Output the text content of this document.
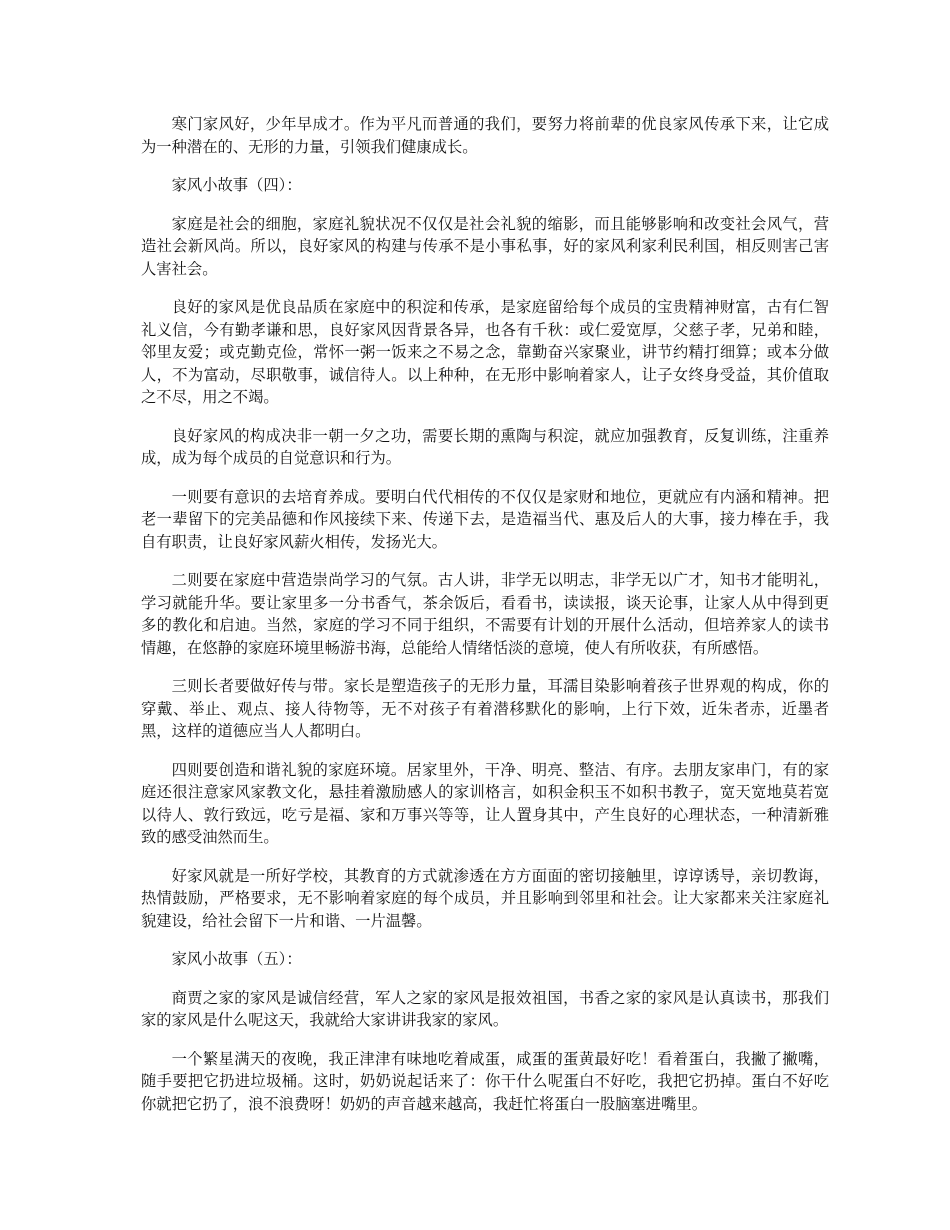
寒门家风好，少年早成才。作为平凡而普通的我们，要努力将前辈的优良家风传承下来，让它成为一种潜在的、无形的力量，引领我们健康成长。

家风小故事（四）：

家庭是社会的细胞，家庭礼貌状况不仅仅是社会礼貌的缩影，而且能够影响和改变社会风气，营造社会新风尚。所以，良好家风的构建与传承不是小事私事，好的家风利家利民利国，相反则害己害人害社会。

良好的家风是优良品质在家庭中的积淀和传承，是家庭留给每个成员的宝贵精神财富，古有仁智礼义信，今有勤孝谦和思，良好家风因背景各异，也各有千秋：或仁爱宽厚，父慈子孝，兄弟和睦，邻里友爱；或克勤克俭，常怀一粥一饭来之不易之念，靠勤奋兴家聚业，讲节约精打细算；或本分做人，不为富动，尽职敬事，诚信待人。以上种种，在无形中影响着家人，让子女终身受益，其价值取之不尽，用之不竭。

良好家风的构成决非一朝一夕之功，需要长期的熏陶与积淀，就应加强教育，反复训练，注重养成，成为每个成员的自觉意识和行为。

一则要有意识的去培育养成。要明白代代相传的不仅仅是家财和地位，更就应有内涵和精神。把老一辈留下的完美品德和作风接续下来、传递下去，是造福当代、惠及后人的大事，接力棒在手，我自有职责，让良好家风薪火相传，发扬光大。

二则要在家庭中营造崇尚学习的气氛。古人讲，非学无以明志，非学无以广才，知书才能明礼，学习就能升华。要让家里多一分书香气，茶余饭后，看看书，读读报，谈天论事，让家人从中得到更多的教化和启迪。当然，家庭的学习不同于组织，不需要有计划的开展什么活动，但培养家人的读书情趣，在悠静的家庭环境里畅游书海，总能给人情绪恬淡的意境，使人有所收获，有所感悟。

三则长者要做好传与带。家长是塑造孩子的无形力量，耳濡目染影响着孩子世界观的构成，你的穿戴、举止、观点、接人待物等，无不对孩子有着潜移默化的影响，上行下效，近朱者赤，近墨者黑，这样的道德应当人人都明白。

四则要创造和谐礼貌的家庭环境。居家里外，干净、明亮、整洁、有序。去朋友家串门，有的家庭还很注意家风家教文化，悬挂着激励感人的家训格言，如积金积玉不如积书教子，宽天宽地莫若宽以待人、敦行致远，吃亏是福、家和万事兴等等，让人置身其中，产生良好的心理状态，一种清新雅致的感受油然而生。

好家风就是一所好学校，其教育的方式就渗透在方方面面的密切接触里，谆谆诱导，亲切教诲，热情鼓励，严格要求，无不影响着家庭的每个成员，并且影响到邻里和社会。让大家都来关注家庭礼貌建设，给社会留下一片和谐、一片温馨。

家风小故事（五）：

商贾之家的家风是诚信经营，军人之家的家风是报效祖国，书香之家的家风是认真读书，那我们家的家风是什么呢这天，我就给大家讲讲我家的家风。

一个繁星满天的夜晚，我正津津有味地吃着咸蛋，咸蛋的蛋黄最好吃！看着蛋白，我撇了撇嘴，随手要把它扔进垃圾桶。这时，奶奶说起话来了：你干什么呢蛋白不好吃，我把它扔掉。蛋白不好吃你就把它扔了，浪不浪费呀！奶奶的声音越来越高，我赶忙将蛋白一股脑塞进嘴里。
